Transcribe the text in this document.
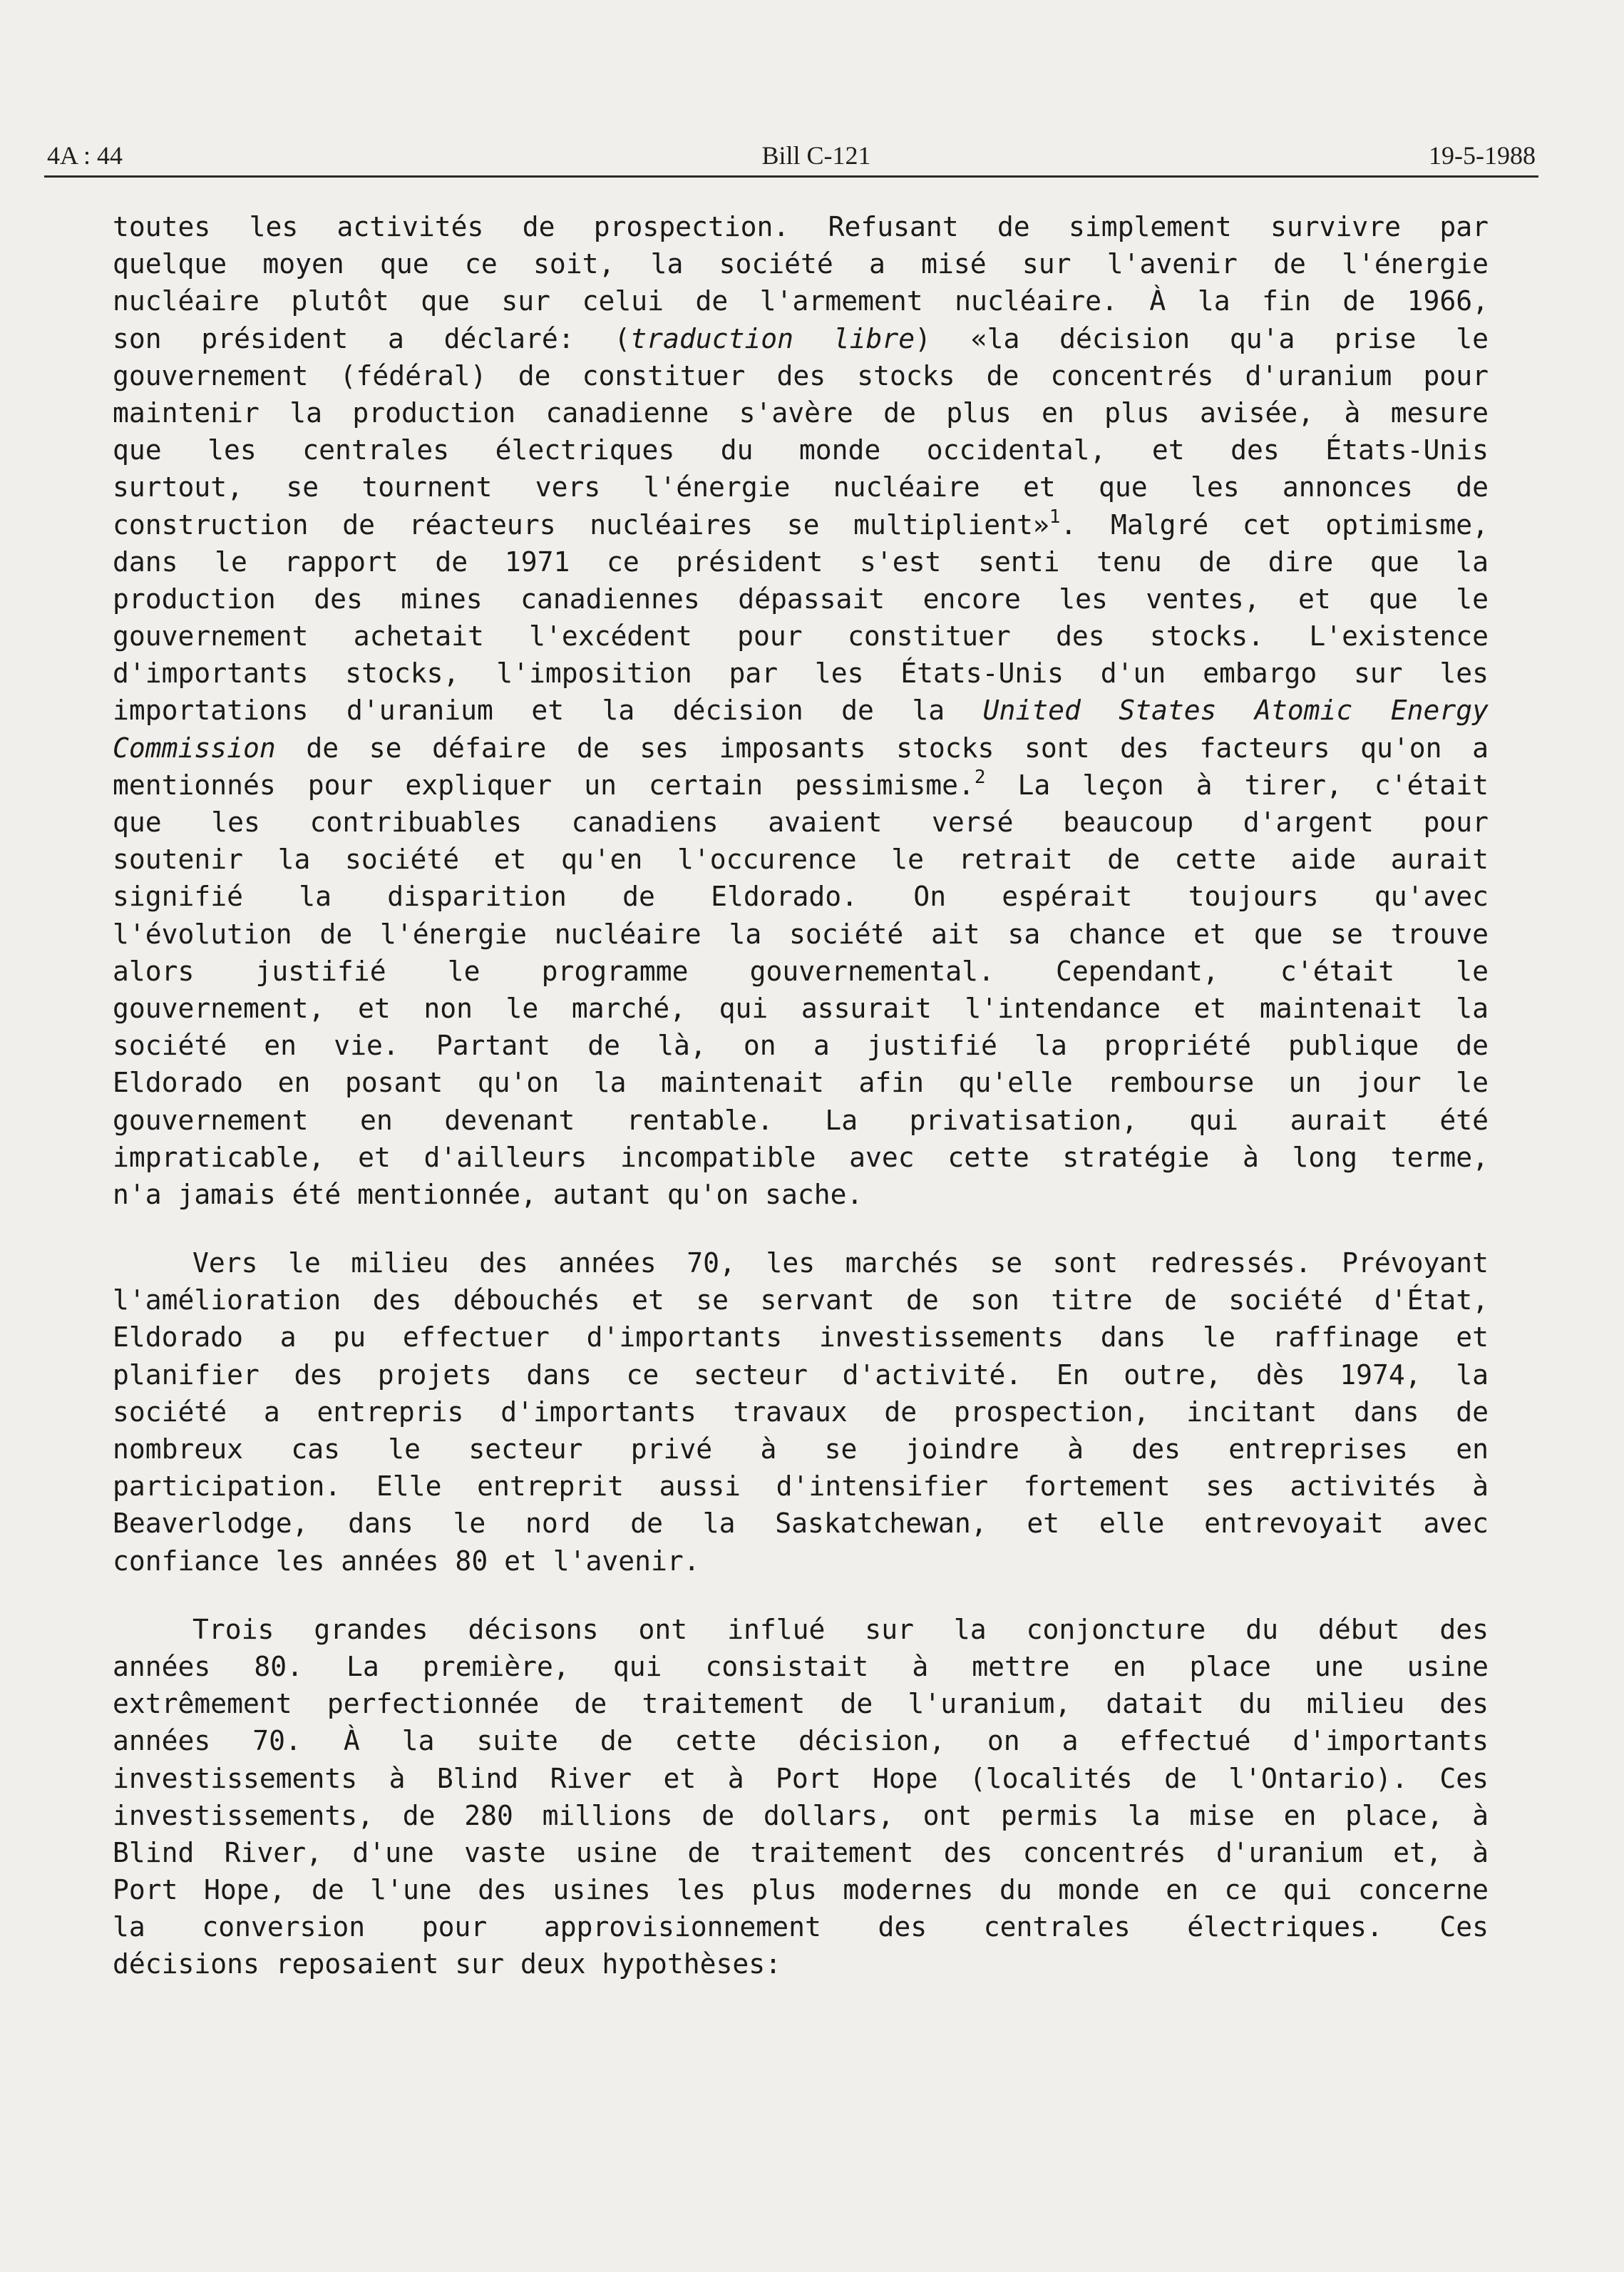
4A : 44	Bill C-121	19-5-1988
toutes les activités de prospection. Refusant de simplement survivre par
quelque moyen que ce soit, la société a misé sur l'avenir de l'énergie
nucléaire plutôt que sur celui de l'armement nucléaire. À la fin de 1966,
son président a déclaré: (traduction libre) «la décision qu'a prise le
gouvernement (fédéral) de constituer des stocks de concentrés d'uranium pour
maintenir la production canadienne s'avère de plus en plus avisée, à mesure
que les centrales électriques du monde occidental, et des États-Unis
surtout, se tournent vers l'énergie nucléaire et que les annonces de
construction de réacteurs nucléaires se multiplient»$^1$. Malgré cet optimisme,
dans le rapport de 1971 ce président s'est senti tenu de dire que la
production des mines canadiennes dépassait encore les ventes, et que le
gouvernement achetait l'excédent pour constituer des stocks. L'existence
d'importants stocks, l'imposition par les États-Unis d'un embargo sur les
importations d'uranium et la décision de la United States Atomic Energy
Commission de se défaire de ses imposants stocks sont des facteurs qu'on a
mentionnés pour expliquer un certain pessimisme.$^2$ La leçon à tirer, c'était
que les contribuables canadiens avaient versé beaucoup d'argent pour
soutenir la société et qu'en l'occurence le retrait de cette aide aurait
signifié la disparition de Eldorado. On espérait toujours qu'avec
l'évolution de l'énergie nucléaire la société ait sa chance et que se trouve
alors justifié le programme gouvernemental. Cependant, c'était le
gouvernement, et non le marché, qui assurait l'intendance et maintenait la
société en vie. Partant de là, on a justifié la propriété publique de
Eldorado en posant qu'on la maintenait afin qu'elle rembourse un jour le
gouvernement en devenant rentable. La privatisation, qui aurait été
impraticable, et d'ailleurs incompatible avec cette stratégie à long terme,
n'a jamais été mentionnée, autant qu'on sache.
Vers le milieu des années 70, les marchés se sont redressés. Prévoyant
l'amélioration des débouchés et se servant de son titre de société d'État,
Eldorado a pu effectuer d'importants investissements dans le raffinage et
planifier des projets dans ce secteur d'activité. En outre, dès 1974, la
société a entrepris d'importants travaux de prospection, incitant dans de
nombreux cas le secteur privé à se joindre à des entreprises en
participation. Elle entreprit aussi d'intensifier fortement ses activités à
Beaverlodge, dans le nord de la Saskatchewan, et elle entrevoyait avec
confiance les années 80 et l'avenir.
Trois grandes décisons ont influé sur la conjoncture du début des
années 80. La première, qui consistait à mettre en place une usine
extrêmement perfectionnée de traitement de l'uranium, datait du milieu des
années 70. À la suite de cette décision, on a effectué d'importants
investissements à Blind River et à Port Hope (localités de l'Ontario). Ces
investissements, de 280 millions de dollars, ont permis la mise en place, à
Blind River, d'une vaste usine de traitement des concentrés d'uranium et, à
Port Hope, de l'une des usines les plus modernes du monde en ce qui concerne
la conversion pour approvisionnement des centrales électriques. Ces
décisions reposaient sur deux hypothèses:
